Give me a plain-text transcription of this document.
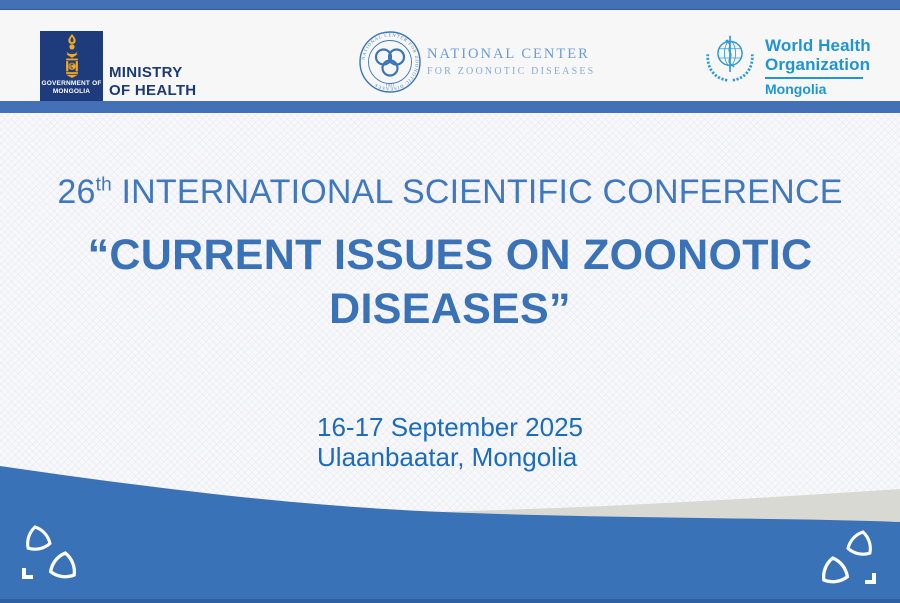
GOVERNMENT OF
MONGOLIA
MINISTRY
OF HEALTH
NATIONAL CENTER FOR ZOONOTIC DISEASES	1931
NATIONAL CENTER
FOR ZOONOTIC DISEASES
World Health
Organization
Mongolia
26th INTERNATIONAL SCIENTIFIC CONFERENCE
“CURRENT ISSUES ON ZOONOTIC
DISEASES”
16-17 September 2025
Ulaanbaatar, Mongolia
